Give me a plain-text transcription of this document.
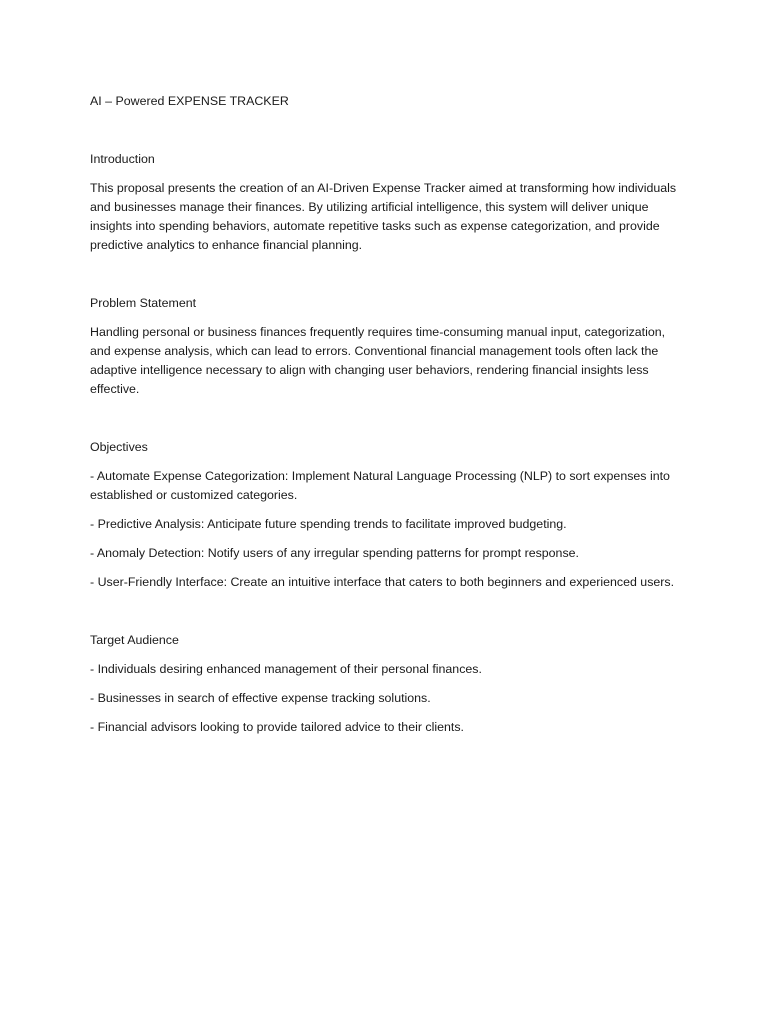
AI – Powered EXPENSE TRACKER

Introduction

This proposal presents the creation of an AI-Driven Expense Tracker aimed at transforming how individuals and businesses manage their finances. By utilizing artificial intelligence, this system will deliver unique insights into spending behaviors, automate repetitive tasks such as expense categorization, and provide predictive analytics to enhance financial planning.

Problem Statement

Handling personal or business finances frequently requires time-consuming manual input, categorization, and expense analysis, which can lead to errors. Conventional financial management tools often lack the adaptive intelligence necessary to align with changing user behaviors, rendering financial insights less effective.

Objectives

- Automate Expense Categorization: Implement Natural Language Processing (NLP) to sort expenses into established or customized categories.

- Predictive Analysis: Anticipate future spending trends to facilitate improved budgeting.

- Anomaly Detection: Notify users of any irregular spending patterns for prompt response.

- User-Friendly Interface: Create an intuitive interface that caters to both beginners and experienced users.

Target Audience

- Individuals desiring enhanced management of their personal finances.

- Businesses in search of effective expense tracking solutions.

- Financial advisors looking to provide tailored advice to their clients.
